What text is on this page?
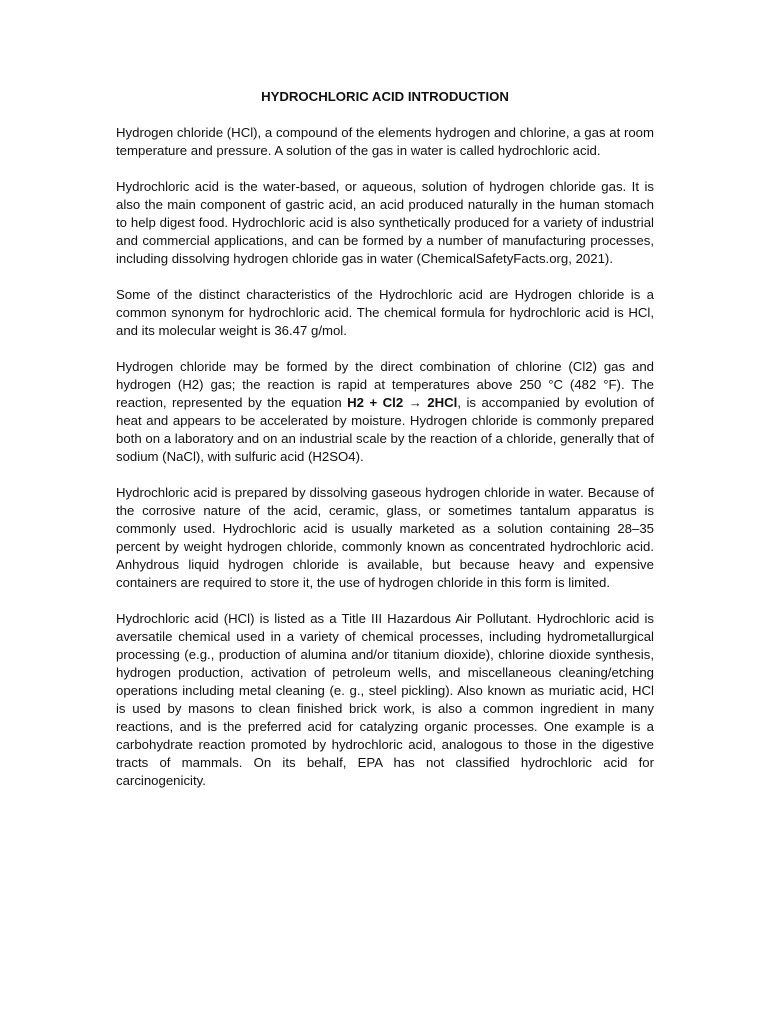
HYDROCHLORIC ACID INTRODUCTION

Hydrogen chloride (HCl), a compound of the elements hydrogen and chlorine, a gas at room temperature and pressure. A solution of the gas in water is called hydrochloric acid.

Hydrochloric acid is the water-based, or aqueous, solution of hydrogen chloride gas. It is also the main component of gastric acid, an acid produced naturally in the human stomach to help digest food. Hydrochloric acid is also synthetically produced for a variety of industrial and commercial applications, and can be formed by a number of manufacturing processes, including dissolving hydrogen chloride gas in water (ChemicalSafetyFacts.org, 2021).

Some of the distinct characteristics of the Hydrochloric acid are Hydrogen chloride is a common synonym for hydrochloric acid. The chemical formula for hydrochloric acid is HCl, and its molecular weight is 36.47 g/mol.

Hydrogen chloride may be formed by the direct combination of chlorine (Cl2) gas and hydrogen (H2) gas; the reaction is rapid at temperatures above 250 °C (482 °F). The reaction, represented by the equation H2 + Cl2 → 2HCl, is accompanied by evolution of heat and appears to be accelerated by moisture. Hydrogen chloride is commonly prepared both on a laboratory and on an industrial scale by the reaction of a chloride, generally that of sodium (NaCl), with sulfuric acid (H2SO4).

Hydrochloric acid is prepared by dissolving gaseous hydrogen chloride in water. Because of the corrosive nature of the acid, ceramic, glass, or sometimes tantalum apparatus is commonly used. Hydrochloric acid is usually marketed as a solution containing 28–35 percent by weight hydrogen chloride, commonly known as concentrated hydrochloric acid. Anhydrous liquid hydrogen chloride is available, but because heavy and expensive containers are required to store it, the use of hydrogen chloride in this form is limited.

Hydrochloric acid (HCl) is listed as a Title III Hazardous Air Pollutant. Hydrochloric acid is aversatile chemical used in a variety of chemical processes, including hydrometallurgical processing (e.g., production of alumina and/or titanium dioxide), chlorine dioxide synthesis, hydrogen production, activation of petroleum wells, and miscellaneous cleaning/etching operations including metal cleaning (e. g., steel pickling). Also known as muriatic acid, HCl is used by masons to clean finished brick work, is also a common ingredient in many reactions, and is the preferred acid for catalyzing organic processes. One example is a carbohydrate reaction promoted by hydrochloric acid, analogous to those in the digestive tracts of mammals. On its behalf, EPA has not classified hydrochloric acid for carcinogenicity.
